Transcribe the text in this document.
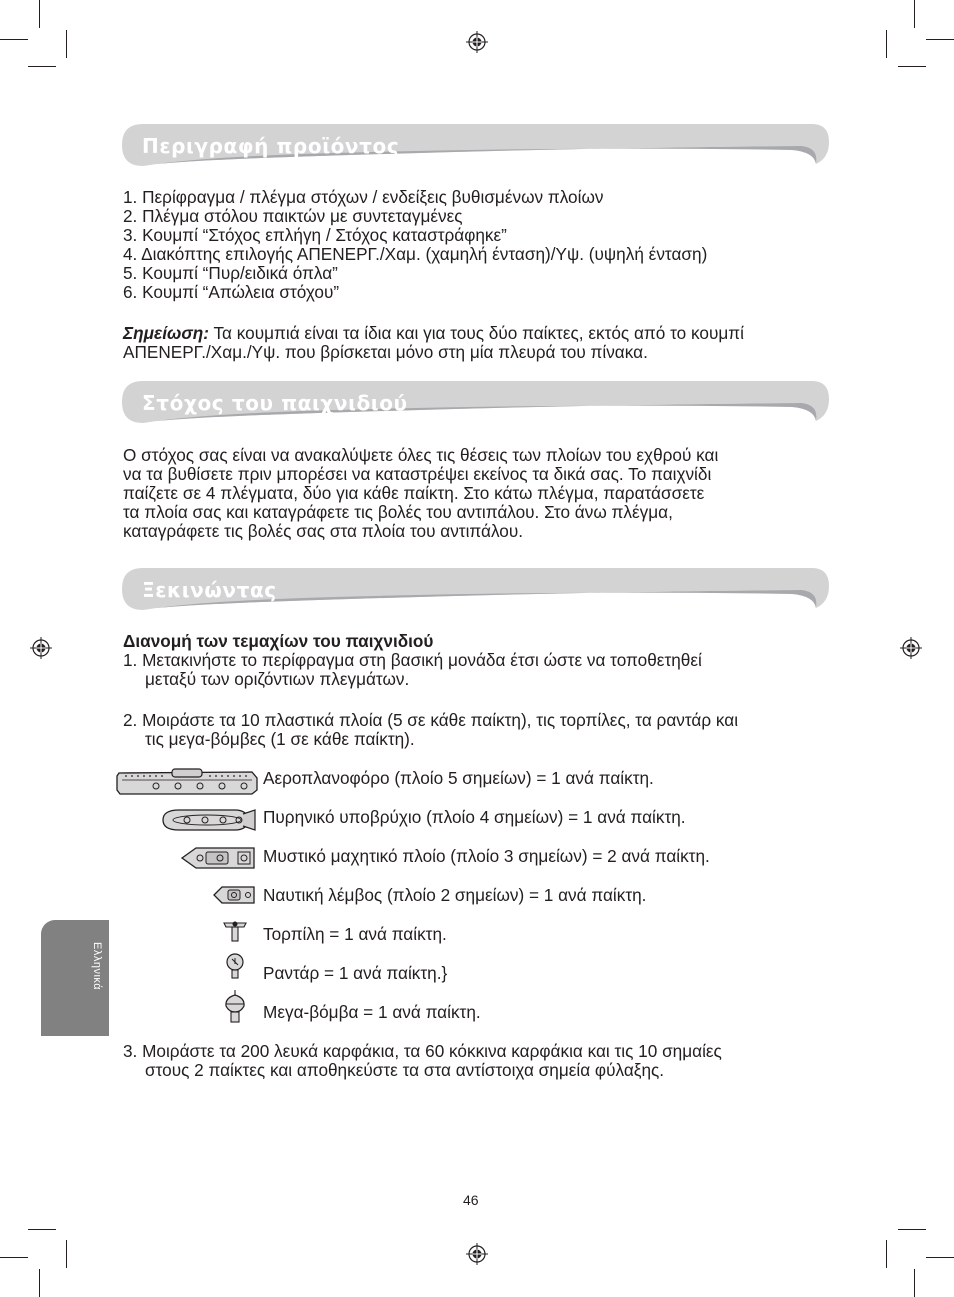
Περιγραφή προϊόντος
1. Περίφραγμα / πλέγμα στόχων / ενδείξεις βυθισμένων πλοίων
2. Πλέγμα στόλου παικτών με συντεταγμένες
3. Κουμπί “Στόχος επλήγη / Στόχος καταστράφηκε”
4. Διακόπτης επιλογής ΑΠΕΝΕΡΓ./Χαμ. (χαμηλή ένταση)/Υψ. (υψηλή ένταση)
5. Κουμπί “Πυρ/ειδικά όπλα”
6. Κουμπί “Απώλεια στόχου”
Σημείωση: Τα κουμπιά είναι τα ίδια και για τους δύο παίκτες, εκτός από το κουμπί
ΑΠΕΝΕΡΓ./Χαμ./Υψ. που βρίσκεται μόνο στη μία πλευρά του πίνακα.
Στόχος του παιχνιδιού
Ο στόχος σας είναι να ανακαλύψετε όλες τις θέσεις των πλοίων του εχθρού και
να τα βυθίσετε πριν μπορέσει να καταστρέψει εκείνος τα δικά σας. Το παιχνίδι
παίζετε σε 4 πλέγματα, δύο για κάθε παίκτη. Στο κάτω πλέγμα, παρατάσσετε
τα πλοία σας και καταγράφετε τις βολές του αντιπάλου. Στο άνω πλέγμα,
καταγράφετε τις βολές σας στα πλοία του αντιπάλου.
Ξεκινώντας
Διανομή των τεμαχίων του παιχνιδιού
1. Μετακινήστε το περίφραγμα στη βασική μονάδα έτσι ώστε να τοποθετηθεί
μεταξύ των οριζόντιων πλεγμάτων.
2. Μοιράστε τα 10 πλαστικά πλοία (5 σε κάθε παίκτη), τις τορπίλες, τα ραντάρ και
τις μεγα-βόμβες (1 σε κάθε παίκτη).
Αεροπλανοφόρο (πλοίο 5 σημείων) = 1 ανά παίκτη.
Πυρηνικό υποβρύχιο (πλοίο 4 σημείων) = 1 ανά παίκτη.
Μυστικό μαχητικό πλοίο (πλοίο 3 σημείων) = 2 ανά παίκτη.
Ναυτική λέμβος (πλοίο 2 σημείων) = 1 ανά παίκτη.
Τορπίλη = 1 ανά παίκτη.
Ραντάρ = 1 ανά παίκτη.}
Μεγα-βόμβα = 1 ανά παίκτη.
3. Μοιράστε τα 200 λευκά καρφάκια, τα 60 κόκκινα καρφάκια και τις 10 σημαίες
στους 2 παίκτες και αποθηκεύστε τα στα αντίστοιχα σημεία φύλαξης.
Ελληνικά
46
